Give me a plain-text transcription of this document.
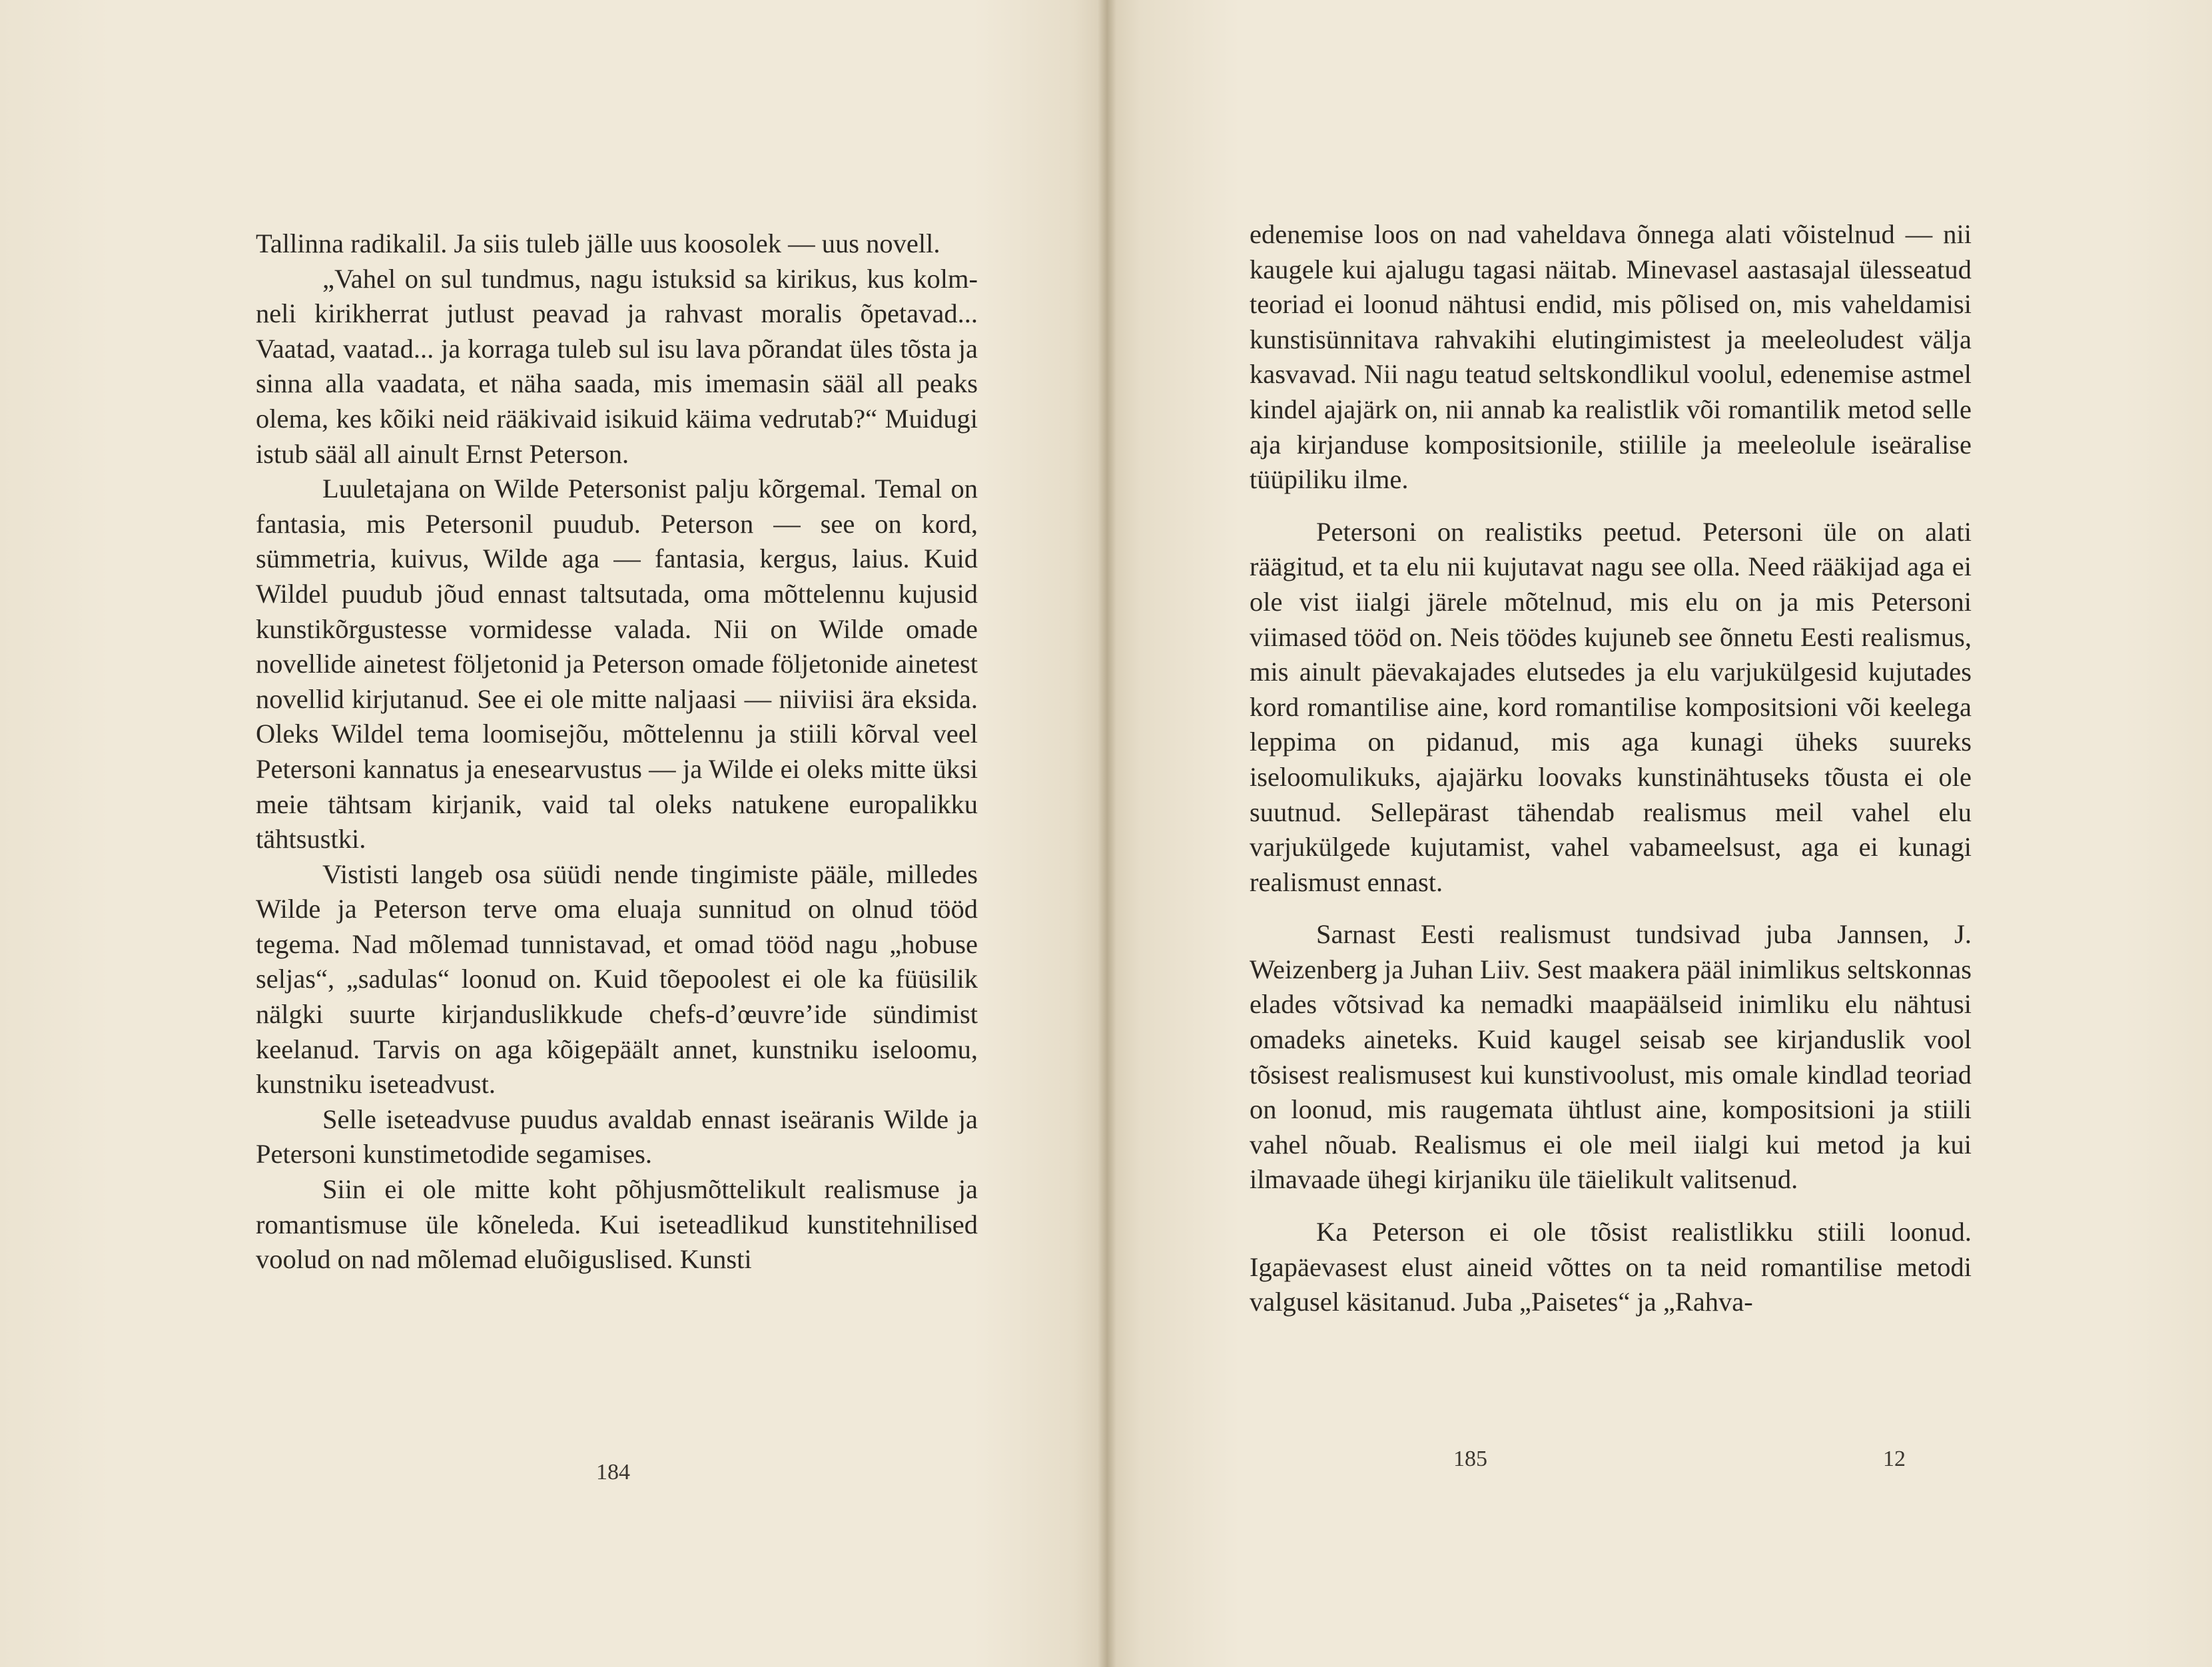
Tallinna radikalil. Ja siis tuleb jälle uus koosolek — uus novell.

„Vahel on sul tundmus, nagu istuksid sa kirikus, kus kolm-neli kirikherrat jutlust peavad ja rahvast moralis õpetavad... Vaatad, vaatad... ja korraga tuleb sul isu lava põrandat üles tõsta ja sinna alla vaadata, et näha saada, mis imemasin sääl all peaks olema, kes kõiki neid rääkivaid isikuid käima vedrutab?“ Muidugi istub sääl all ainult Ernst Peterson.

Luuletajana on Wilde Petersonist palju kõrgemal. Temal on fantasia, mis Petersonil puudub. Peterson — see on kord, sümmetria, kuivus, Wilde aga — fantasia, kergus, laius. Kuid Wildel puudub jõud ennast taltsutada, oma mõttelennu kujusid kunstikõrgustesse vormidesse valada. Nii on Wilde omade novellide ainetest följetonid ja Peterson omade följetonide ainetest novellid kirjutanud. See ei ole mitte naljaasi — niiviisi ära eksida. Oleks Wildel tema loomisejõu, mõttelennu ja stiili kõrval veel Petersoni kannatus ja enesearvustus — ja Wilde ei oleks mitte üksi meie tähtsam kirjanik, vaid tal oleks natukene europalikku tähtsustki.

Vististi langeb osa süüdi nende tingimiste pääle, milledes Wilde ja Peterson terve oma eluaja sunnitud on olnud tööd tegema. Nad mõlemad tunnistavad, et omad tööd nagu „hobuse seljas“, „sadulas“ loonud on. Kuid tõepoolest ei ole ka füüsilik nälgki suurte kirjanduslikkude chefs-d’œuvre’ide sündimist keelanud. Tarvis on aga kõigepäält annet, kunstniku iseloomu, kunstniku iseteadvust.

Selle iseteadvuse puudus avaldab ennast iseäranis Wilde ja Petersoni kunstimetodide segamises.

Siin ei ole mitte koht põhjusmõttelikult realismuse ja romantismuse üle kõneleda. Kui iseteadlikud kunstitehnilised voolud on nad mõlemad eluõiguslised. Kunsti

184

edenemise loos on nad vaheldava õnnega alati võistelnud — nii kaugele kui ajalugu tagasi näitab. Minevasel aastasajal ülesseatud teoriad ei loonud nähtusi endid, mis põlised on, mis vaheldamisi kunstisünnitava rahvakihi elutingimistest ja meeleoludest välja kasvavad. Nii nagu teatud seltskondlikul voolul, edenemise astmel kindel ajajärk on, nii annab ka realistlik või romantilik metod selle aja kirjanduse kompositsionile, stiilile ja meeleolule iseäralise tüüpiliku ilme.

Petersoni on realistiks peetud. Petersoni üle on alati räägitud, et ta elu nii kujutavat nagu see olla. Need rääkijad aga ei ole vist iialgi järele mõtelnud, mis elu on ja mis Petersoni viimased tööd on. Neis töödes kujuneb see õnnetu Eesti realismus, mis ainult päevakajades elutsedes ja elu varjukülgesid kujutades kord romantilise aine, kord romantilise kompositsioni või keelega leppima on pidanud, mis aga kunagi üheks suureks iseloomulikuks, ajajärku loovaks kunstinähtuseks tõusta ei ole suutnud. Sellepärast tähendab realismus meil vahel elu varjukülgede kujutamist, vahel vabameelsust, aga ei kunagi realismust ennast.

Sarnast Eesti realismust tundsivad juba Jannsen, J. Weizenberg ja Juhan Liiv. Sest maakera pääl inimlikus seltskonnas elades võtsivad ka nemadki maapäälseid inimliku elu nähtusi omadeks aineteks. Kuid kaugel seisab see kirjanduslik vool tõsisest realismusest kui kunstivoolust, mis omale kindlad teoriad on loonud, mis raugemata ühtlust aine, kompositsioni ja stiili vahel nõuab. Realismus ei ole meil iialgi kui metod ja kui ilmavaade ühegi kirjaniku üle täielikult valitsenud.

Ka Peterson ei ole tõsist realistlikku stiili loonud. Igapäevasest elust aineid võttes on ta neid romantilise metodi valgusel käsitanud. Juba „Paisetes“ ja „Rahva-

185	12
